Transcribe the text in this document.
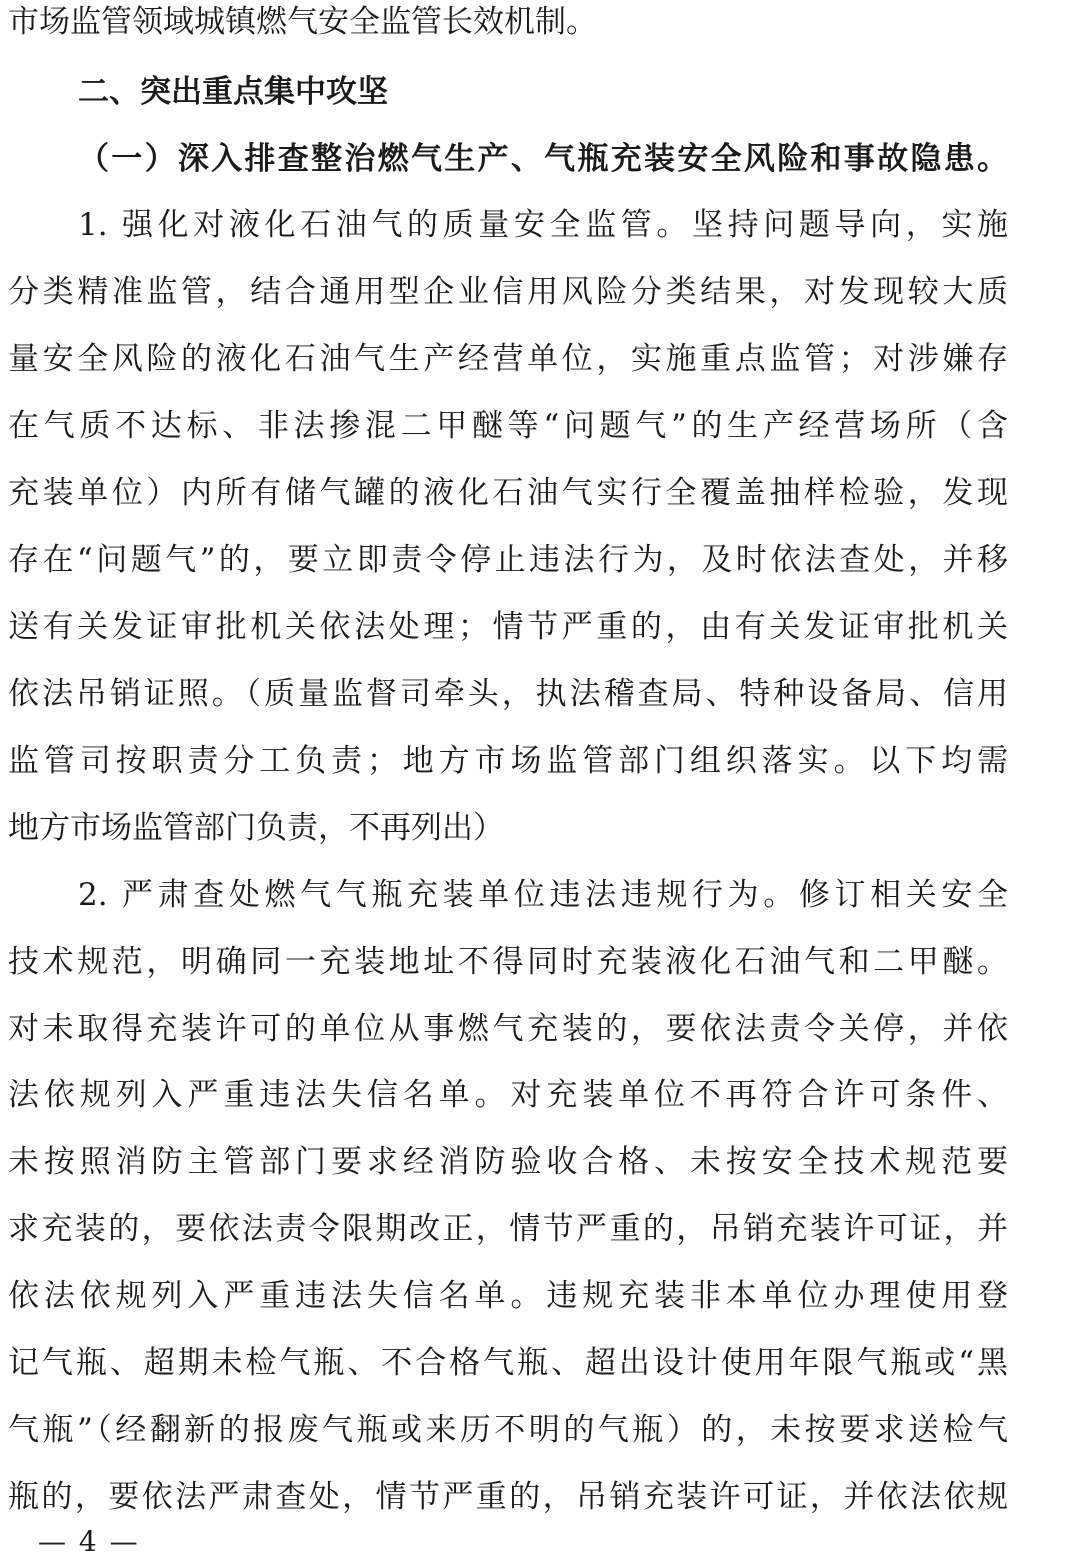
市场监管领域城镇燃气安全监管长效机制。
二、突出重点集中攻坚
（一）深入排查整治燃气生产、气瓶充装安全风险和事故隐患。
1. 强化对液化石油气的质量安全监管。坚持问题导向，实施
分类精准监管，结合通用型企业信用风险分类结果，对发现较大质
量安全风险的液化石油气生产经营单位，实施重点监管；对涉嫌存
在气质不达标、非法掺混二甲醚等“问题气”的生产经营场所（含
充装单位）内所有储气罐的液化石油气实行全覆盖抽样检验，发现
存在“问题气”的，要立即责令停止违法行为，及时依法查处，并移
送有关发证审批机关依法处理；情节严重的，由有关发证审批机关
依法吊销证照。（质量监督司牵头，执法稽查局、特种设备局、信用
监管司按职责分工负责；地方市场监管部门组织落实。以下均需
地方市场监管部门负责，不再列出）
2. 严肃查处燃气气瓶充装单位违法违规行为。修订相关安全
技术规范，明确同一充装地址不得同时充装液化石油气和二甲醚。
对未取得充装许可的单位从事燃气充装的，要依法责令关停，并依
法依规列入严重违法失信名单。对充装单位不再符合许可条件、
未按照消防主管部门要求经消防验收合格、未按安全技术规范要
求充装的，要依法责令限期改正，情节严重的，吊销充装许可证，并
依法依规列入严重违法失信名单。违规充装非本单位办理使用登
记气瓶、超期未检气瓶、不合格气瓶、超出设计使用年限气瓶或“黑
气瓶”（经翻新的报废气瓶或来历不明的气瓶）的，未按要求送检气
瓶的，要依法严肃查处，情节严重的，吊销充装许可证，并依法依规
— 4 —
